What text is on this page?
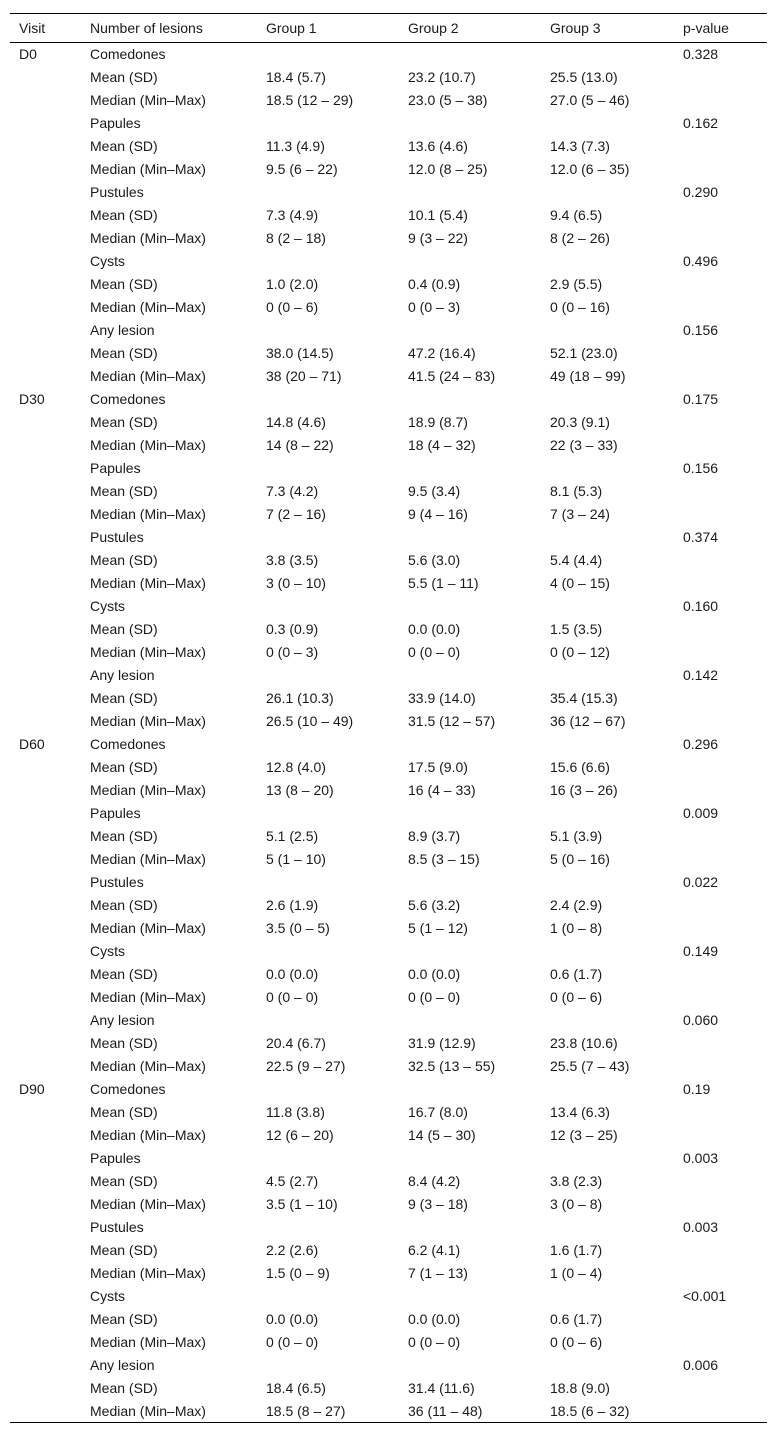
Visit	Number of lesions	Group 1	Group 2	Group 3	p-value
D0	Comedones				0.328
	Mean (SD)	18.4 (5.7)	23.2 (10.7)	25.5 (13.0)	
	Median (Min–Max)	18.5 (12 – 29)	23.0 (5 – 38)	27.0 (5 – 46)	
	Papules				0.162
	Mean (SD)	11.3 (4.9)	13.6 (4.6)	14.3 (7.3)	
	Median (Min–Max)	9.5 (6 – 22)	12.0 (8 – 25)	12.0 (6 – 35)	
	Pustules				0.290
	Mean (SD)	7.3 (4.9)	10.1 (5.4)	9.4 (6.5)	
	Median (Min–Max)	8 (2 – 18)	9 (3 – 22)	8 (2 – 26)	
	Cysts				0.496
	Mean (SD)	1.0 (2.0)	0.4 (0.9)	2.9 (5.5)	
	Median (Min–Max)	0 (0 – 6)	0 (0 – 3)	0 (0 – 16)	
	Any lesion				0.156
	Mean (SD)	38.0 (14.5)	47.2 (16.4)	52.1 (23.0)	
	Median (Min–Max)	38 (20 – 71)	41.5 (24 – 83)	49 (18 – 99)	
D30	Comedones				0.175
	Mean (SD)	14.8 (4.6)	18.9 (8.7)	20.3 (9.1)	
	Median (Min–Max)	14 (8 – 22)	18 (4 – 32)	22 (3 – 33)	
	Papules				0.156
	Mean (SD)	7.3 (4.2)	9.5 (3.4)	8.1 (5.3)	
	Median (Min–Max)	7 (2 – 16)	9 (4 – 16)	7 (3 – 24)	
	Pustules				0.374
	Mean (SD)	3.8 (3.5)	5.6 (3.0)	5.4 (4.4)	
	Median (Min–Max)	3 (0 – 10)	5.5 (1 – 11)	4 (0 – 15)	
	Cysts				0.160
	Mean (SD)	0.3 (0.9)	0.0 (0.0)	1.5 (3.5)	
	Median (Min–Max)	0 (0 – 3)	0 (0 – 0)	0 (0 – 12)	
	Any lesion				0.142
	Mean (SD)	26.1 (10.3)	33.9 (14.0)	35.4 (15.3)	
	Median (Min–Max)	26.5 (10 – 49)	31.5 (12 – 57)	36 (12 – 67)	
D60	Comedones				0.296
	Mean (SD)	12.8 (4.0)	17.5 (9.0)	15.6 (6.6)	
	Median (Min–Max)	13 (8 – 20)	16 (4 – 33)	16 (3 – 26)	
	Papules				0.009
	Mean (SD)	5.1 (2.5)	8.9 (3.7)	5.1 (3.9)	
	Median (Min–Max)	5 (1 – 10)	8.5 (3 – 15)	5 (0 – 16)	
	Pustules				0.022
	Mean (SD)	2.6 (1.9)	5.6 (3.2)	2.4 (2.9)	
	Median (Min–Max)	3.5 (0 – 5)	5 (1 – 12)	1 (0 – 8)	
	Cysts				0.149
	Mean (SD)	0.0 (0.0)	0.0 (0.0)	0.6 (1.7)	
	Median (Min–Max)	0 (0 – 0)	0 (0 – 0)	0 (0 – 6)	
	Any lesion				0.060
	Mean (SD)	20.4 (6.7)	31.9 (12.9)	23.8 (10.6)	
	Median (Min–Max)	22.5 (9 – 27)	32.5 (13 – 55)	25.5 (7 – 43)	
D90	Comedones				0.19
	Mean (SD)	11.8 (3.8)	16.7 (8.0)	13.4 (6.3)	
	Median (Min–Max)	12 (6 – 20)	14 (5 – 30)	12 (3 – 25)	
	Papules				0.003
	Mean (SD)	4.5 (2.7)	8.4 (4.2)	3.8 (2.3)	
	Median (Min–Max)	3.5 (1 – 10)	9 (3 – 18)	3 (0 – 8)	
	Pustules				0.003
	Mean (SD)	2.2 (2.6)	6.2 (4.1)	1.6 (1.7)	
	Median (Min–Max)	1.5 (0 – 9)	7 (1 – 13)	1 (0 – 4)	
	Cysts				<0.001
	Mean (SD)	0.0 (0.0)	0.0 (0.0)	0.6 (1.7)	
	Median (Min–Max)	0 (0 – 0)	0 (0 – 0)	0 (0 – 6)	
	Any lesion				0.006
	Mean (SD)	18.4 (6.5)	31.4 (11.6)	18.8 (9.0)	
	Median (Min–Max)	18.5 (8 – 27)	36 (11 – 48)	18.5 (6 – 32)	
